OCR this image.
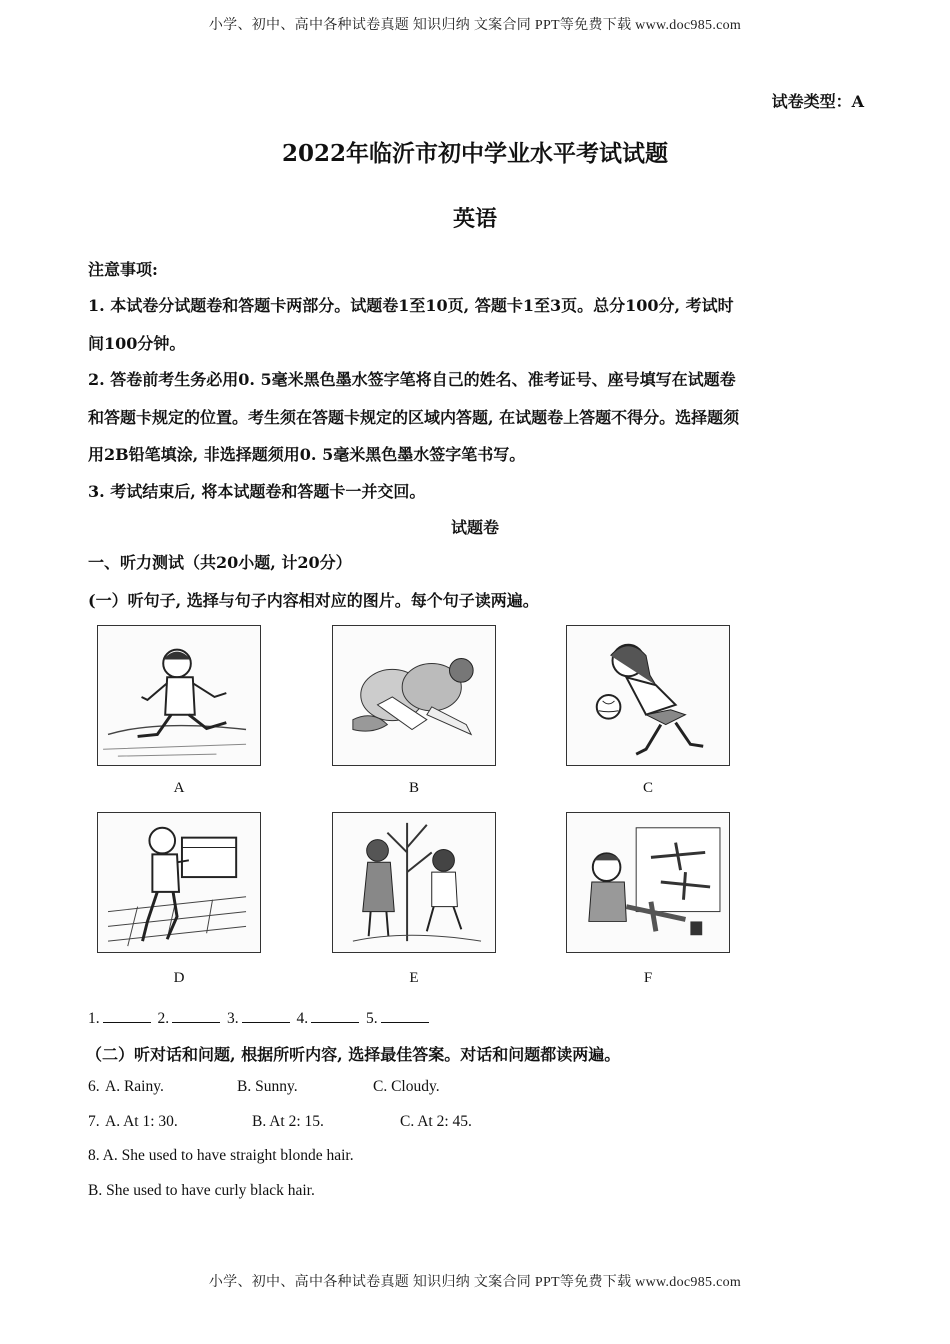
小学、初中、高中各种试卷真题 知识归纳 文案合同 PPT等免费下载 www.doc985.com
试卷类型：A
2022年临沂市初中学业水平考试试题
英语
注意事项:
1. 本试卷分试题卷和答题卡两部分。试题卷1至10页, 答题卡1至3页。总分100分, 考试时
间100分钟。
2. 答卷前考生务必用0. 5毫米黑色墨水签字笔将自己的姓名、准考证号、座号填写在试题卷
和答题卡规定的位置。考生须在答题卡规定的区域内答题, 在试题卷上答题不得分。选择题须
用2B铅笔填涂, 非选择题须用0. 5毫米黑色墨水签字笔书写。
3. 考试结束后, 将本试题卷和答题卡一并交回。
试题卷
一、听力测试（共20小题, 计20分）
(一）听句子, 选择与句子内容相对应的图片。每个句子读两遍。
A	B	C
D	E	F
1.	2.	3.	4.	5.
（二）听对话和问题, 根据所听内容, 选择最佳答案。对话和问题都读两遍。
6. A. Rainy.	B. Sunny.	C. Cloudy.
7. A. At 1: 30.	B. At 2: 15.	C. At 2: 45.
8. A. She used to have straight blonde hair.
B. She used to have curly black hair.
小学、初中、高中各种试卷真题 知识归纳 文案合同 PPT等免费下载 www.doc985.com
